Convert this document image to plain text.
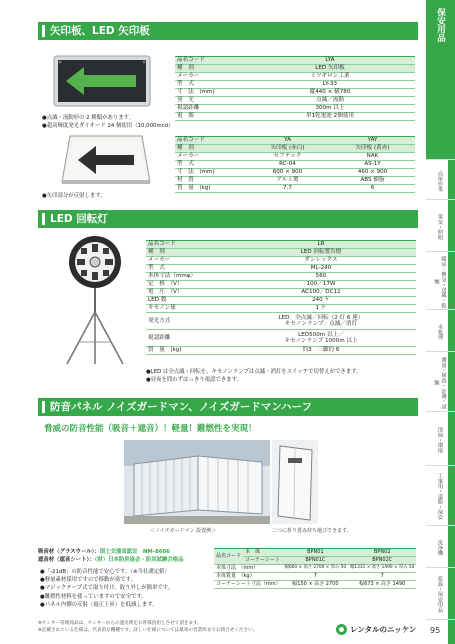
保安用品
高所作業
電気・照明
暖房・換気・送風・乾燥
水処理
測量・探査・計測・試験
清掃・環境
工事用・道路・保安
洗浄機
仮設・保安用品
矢印板、LED 矢印板
品名コード	LYA
種　別	LED 矢印板
メーカー	ミツギロン工業
型　式	LY-33
寸　法　(mm)	縦440 × 横780
発　光	点滅／流動
視認距離	300m 以上
電　源	単1乾電池 2個使用

●点滅・流動形の 2 種類があります。

●超高輝度発光ダイオード 24 個使用（10,000mcd）

品名コード	YA	YAY
種　別	矢印板 (赤白)	矢印板 (黄赤)
メーカー	セフテック	NAK
型　式	RC-04	AS-1Y
寸　法　(mm)	600 × 900	460 × 900
材　質	アルミ製	ABS 樹脂
質　量　(kg)	7.7	6

●矢印部分が反射します。

LED 回転灯
品名コード	LR
種　別	LED 回転警告燈
メーカー	ダンレックス
型　式	ML-240
本体寸法（mmφ）	560
定　格　（V）	100／17W
電　圧　（V）	AC100／DC12
LED 数	240 ケ
キセノン球	1 ケ
発光方式	LED：全点滅／回転（2 灯 6 連）
キセノンランプ：点滅／消灯
視認距離	LED500m 以上／
キセノンランプ 1000m 以上
質　量　(kg)	約3　三脚約 6

●LED は全点滅・回転を、キセノンランプは点滅・消灯をスイッチで切替えができます。

●昼夜を問わずはっきり視認できます。

防音パネル ノイズガードマン、ノイズガードマンハーフ
脅威の防音性能（吸音＋遮音）！軽量！難燃性を実現！
＜ノイズガードマン 設置例＞	二つに折り畳み持ち運びできます。
吸音材（グラスウール）：国土交通省認定　NM-8606
遮音材（遮音シート）：（財）日本防炎協会・防災試験合格品

●「-21dB」の防音性能で安心です。（※当社測定値）

●軽量素材採用ですので移動が楽です。

●マジックテープ式で取り付け、取り外しが簡単です。

●難燃性材料を使っていますので安全です。

●パネル内側の反射（霞正上昇）を低減します。

品名コード	本　体	BPN01	BPN02
	コーナーシート	BPN01C	BPN02C
本体寸法　（mm）		幅600 × 高さ 2700 × 厚み 50	幅1331 × 高さ 1490 × 厚み 50
本体質量　（kg）		7	7
コーナーシート寸法（mm）		幅150 × 高さ 2700	幅673 × 高さ 1490

※センター管理商品は、センターからの運送費をお客様負担とさせて頂きます。

※記載されている仕様は、代表的な機種です。詳しい仕様については最寄の営業所までお問合せください。	レンタルのニッケン 95
